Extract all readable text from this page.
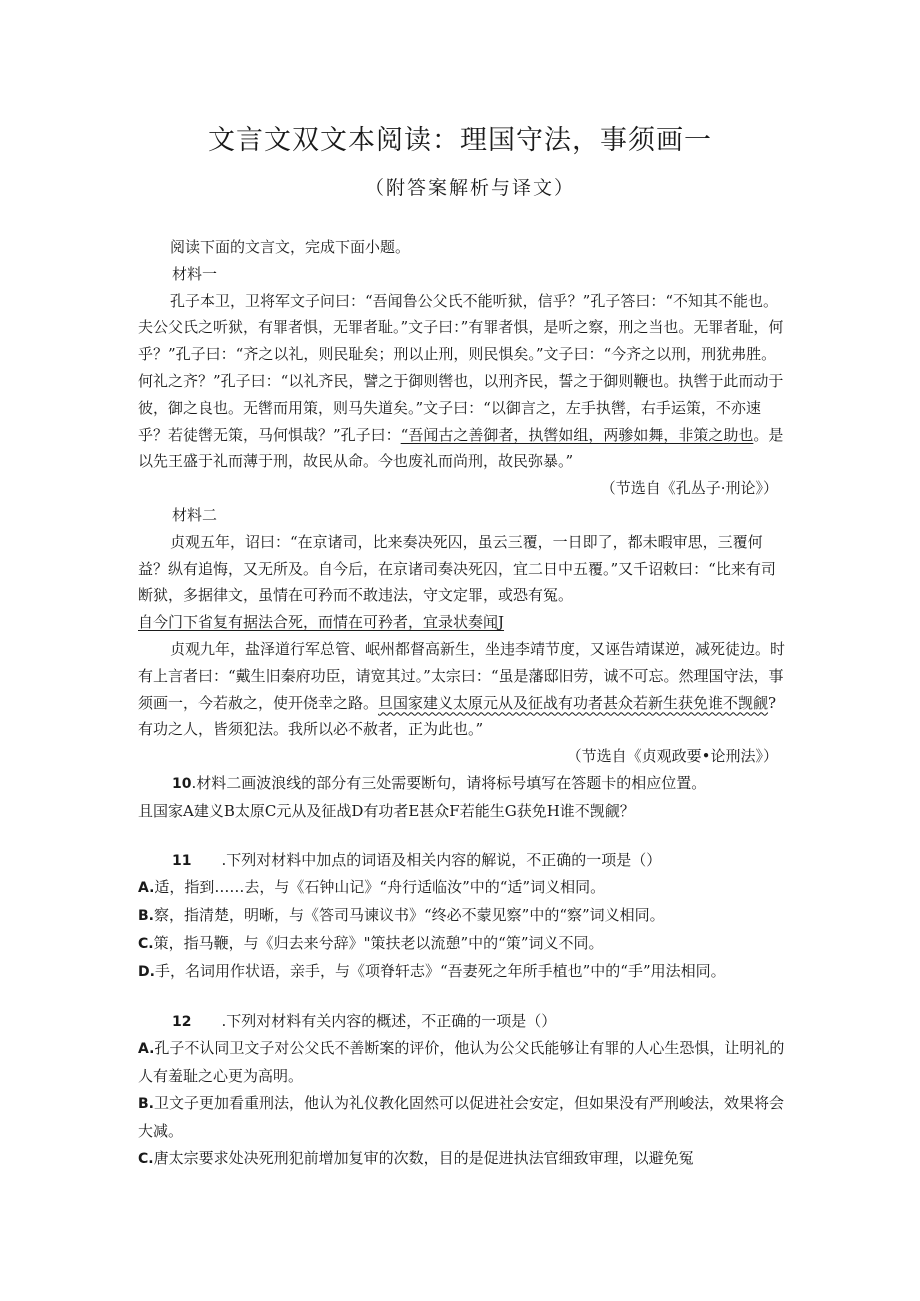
文言文双文本阅读：理国守法，事须画一
（附答案解析与译文）

阅读下面的文言文，完成下面小题。

材料一

孔子本卫，卫将军文子问曰：“吾闻鲁公父氏不能听狱，信乎？”孔子答曰：“不知其不能也。夫公父氏之听狱，有罪者惧，无罪者耻。”文子曰：”有罪者惧，是听之察，刑之当也。无罪者耻，何乎？”孔子曰：“齐之以礼，则民耻矣；刑以止刑，则民惧矣。”文子曰：“今齐之以刑，刑犹弗胜。何礼之齐？”孔子曰：“以礼齐民，譬之于御则辔也，以刑齐民，誓之于御则鞭也。执辔于此而动于彼，御之良也。无辔而用策，则马失道矣。”文子曰：“以御言之，左手执辔，右手运策，不亦速乎？若徒辔无策，马何惧哉？”孔子曰：“吾闻古之善御者，执辔如组，两骖如舞，非策之助也。是以先王盛于礼而薄于刑，故民从命。今也废礼而尚刑，故民弥暴。”

（节选自《孔丛子·刑论》）

材料二

贞观五年，诏曰：“在京诸司，比来奏决死囚，虽云三覆，一日即了，都未暇审思，三覆何益？纵有追悔，又无所及。自今后，在京诸司奏决死囚，宜二日中五覆。”又千诏敕曰：“比来有司断狱，多据律文，虽情在可矜而不敢违法，守文定罪，或恐有冤。
自今门下省复有据法合死，而情在可矜者，宜录状奏闻J

贞观九年，盐泽道行军总管、岷州都督高新生，坐违李靖节度，又诬告靖谋逆，减死徒边。时有上言者曰：“戴生旧秦府功臣，请宽其过。”太宗曰：“虽是藩邸旧劳，诚不可忘。然理国守法，事须画一，今若赦之，使开侥幸之路。旦国家建义太原元从及征战有功者甚众若新生获免谁不觊觎?有功之人，皆须犯法。我所以必不赦者，正为此也。”

（节选自《贞观政要•论刑法》）

10.材料二画波浪线的部分有三处需要断句，请将标号填写在答题卡的相应位置。

且国家A建义B太原C元从及征战D有功者E甚众F若能生G获免H谁不觊觎？

11   .下列对材料中加点的词语及相关内容的解说，不正确的一项是（）

A.适，指到……去，与《石钟山记》“舟行适临汝”中的“适”词义相同。

B.察，指清楚，明晰，与《答司马谏议书》“终必不蒙见察”中的“察”词义相同。

C.策，指马鞭，与《归去来兮辞》"策扶老以流憩”中的“策”词义不同。

D.手，名词用作状语，亲手，与《项脊轩志》“吾妻死之年所手植也”中的“手”用法相同。

12   .下列对材料有关内容的概述，不正确的一项是（）

A.孔子不认同卫文子对公父氏不善断案的评价，他认为公父氏能够让有罪的人心生恐惧，让明礼的人有羞耻之心更为高明。

B.卫文子更加看重刑法，他认为礼仪教化固然可以促进社会安定，但如果没有严刑峻法，效果将会大减。

C.唐太宗要求处决死刑犯前增加复审的次数，目的是促进执法官细致审理，以避免冤
